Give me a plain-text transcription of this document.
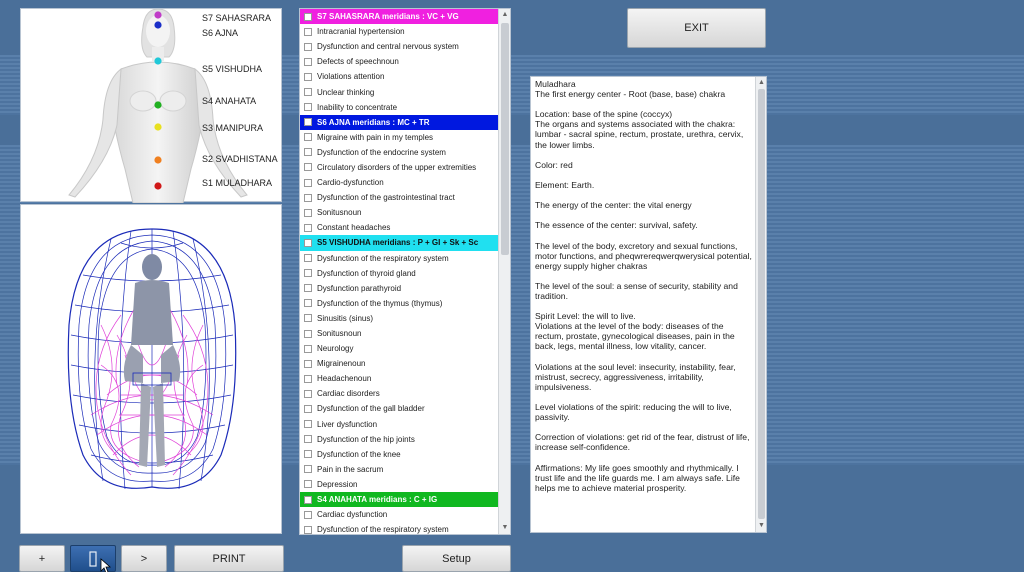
S7 SAHASRARA
S6 AJNA
S5 VISHUDHA
S4 ANAHATA
S3 MANIPURA
S2 SVADHISTANA
S1 MULADHARA
S7 SAHASRARA meridians : VC + VG
Intracranial hypertension
Dysfunction and central nervous system
Defects of speechnoun
Violations attention
Unclear thinking
Inability to concentrate
S6 AJNA meridians : MC + TR
Migraine with pain in my temples
Dysfunction of the endocrine system
Circulatory disorders of the upper extremities
Cardio-dysfunction
Dysfunction of the gastrointestinal tract
Sonitusnoun
Constant headaches
S5 VISHUDHA meridians : P + GI + Sk + Sc
Dysfunction of the respiratory system
Dysfunction of thyroid gland
Dysfunction parathyroid
Dysfunction of the thymus (thymus)
Sinusitis (sinus)
Sonitusnoun
Neurology
Migrainenoun
Headachenoun
Cardiac disorders
Dysfunction of the gall bladder
Liver dysfunction
Dysfunction of the hip joints
Dysfunction of the knee
Pain in the sacrum
Depression
S4 ANAHATA meridians : C + IG
Cardiac dysfunction
Dysfunction of the respiratory system
▲
▼
EXIT

Muladhara

The first energy center - Root (base, base) chakra

Location: base of the spine (coccyx)

The organs and systems associated with the chakra: lumbar - sacral spine, rectum, prostate, urethra, cervix, the lower limbs.

Color: red

Element: Earth.

The energy of the center: the vital energy

The essence of the center: survival, safety.

The level of the body, excretory and sexual functions, motor functions, and pheqwrereqwerqwerysical potential, energy supply higher chakras

The level of the soul: a sense of security, stability and tradition.

Spirit Level: the will to live.

Violations at the level of the body: diseases of the rectum, prostate, gynecological diseases, pain in the back, legs, mental illness, low vitality, cancer.

Violations at the soul level: insecurity, instability, fear, mistrust, secrecy, aggressiveness, irritability, impulsiveness.

Level violations of the spirit: reducing the will to live, passivity.

Correction of violations: get rid of the fear, distrust of life, increase self-confidence.

Affirmations: My life goes smoothly and rhythmically. I trust life and the life guards me. I am always safe. Life helps me to achieve material prosperity.

▲
▼
+	>	PRINT	Setup
